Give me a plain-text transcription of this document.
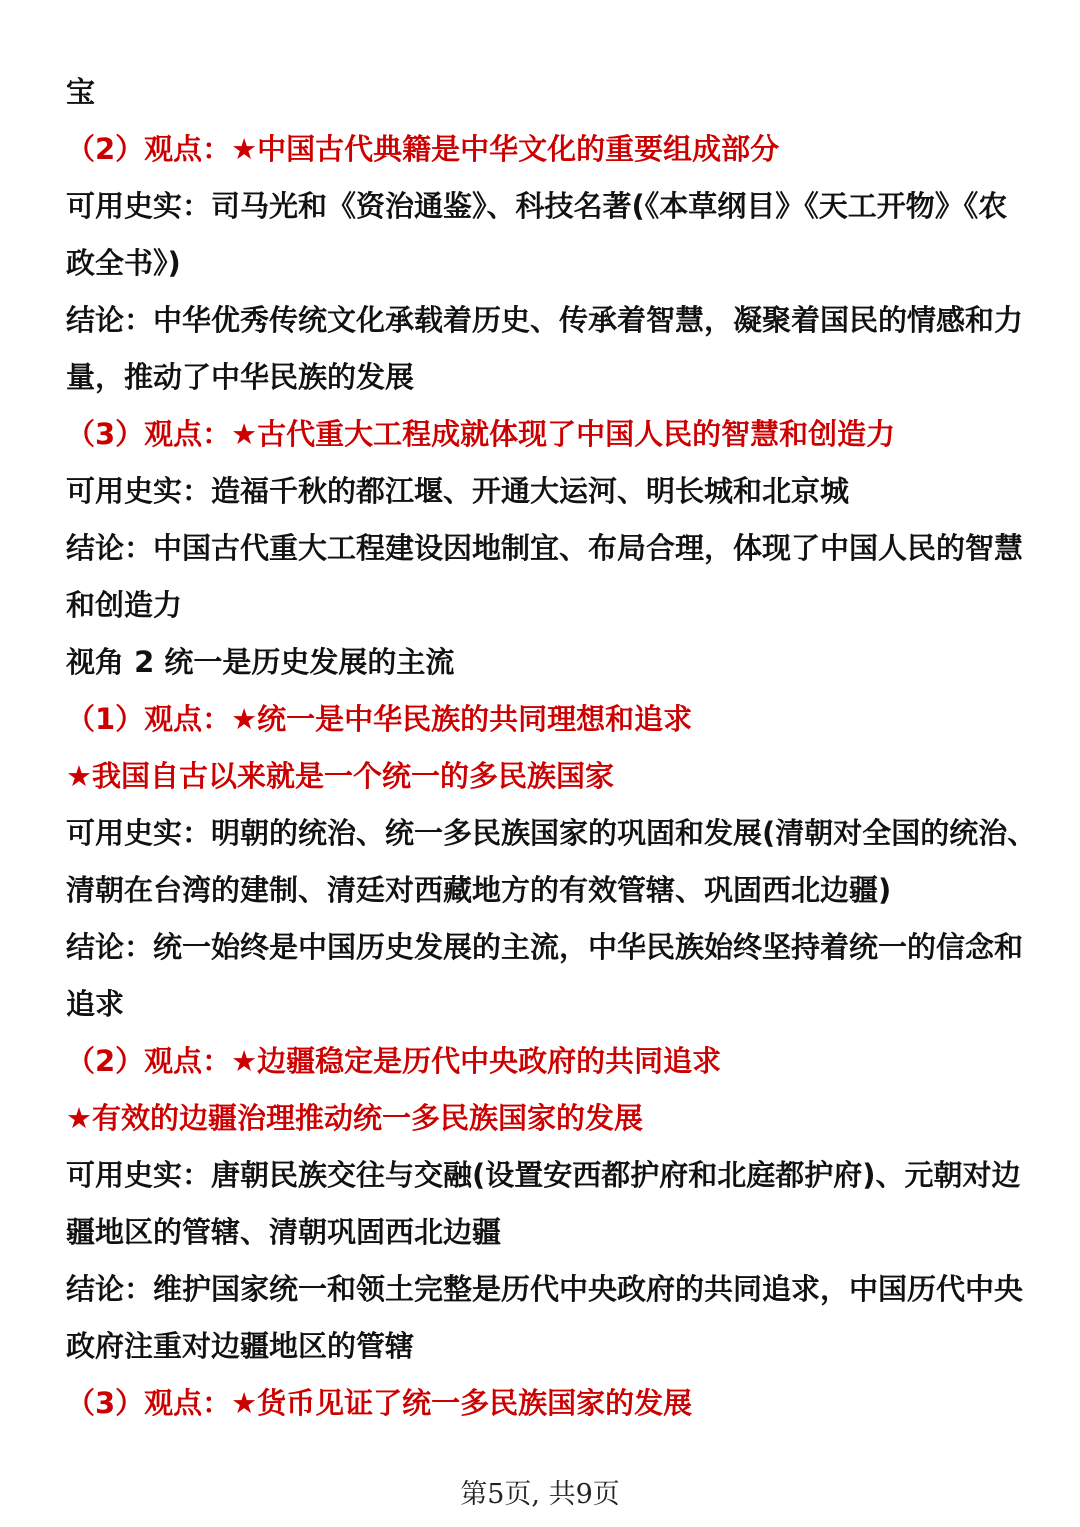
宝
（2）观点：★中国古代典籍是中华文化的重要组成部分
可用史实：司马光和《资治通鉴》、科技名著(《本草纲目》《天工开物》《农
政全书》)
结论：中华优秀传统文化承载着历史、传承着智慧，凝聚着国民的情感和力
量，推动了中华民族的发展
（3）观点：★古代重大工程成就体现了中国人民的智慧和创造力
可用史实：造福千秋的都江堰、开通大运河、明长城和北京城
结论：中国古代重大工程建设因地制宜、布局合理，体现了中国人民的智慧
和创造力
视角 2 统一是历史发展的主流
（1）观点：★统一是中华民族的共同理想和追求
★我国自古以来就是一个统一的多民族国家
可用史实：明朝的统治、统一多民族国家的巩固和发展(清朝对全国的统治、
清朝在台湾的建制、清廷对西藏地方的有效管辖、巩固西北边疆)
结论：统一始终是中国历史发展的主流，中华民族始终坚持着统一的信念和
追求
（2）观点：★边疆稳定是历代中央政府的共同追求
★有效的边疆治理推动统一多民族国家的发展
可用史实：唐朝民族交往与交融(设置安西都护府和北庭都护府)、元朝对边
疆地区的管辖、清朝巩固西北边疆
结论：维护国家统一和领土完整是历代中央政府的共同追求，中国历代中央
政府注重对边疆地区的管辖
（3）观点：★货币见证了统一多民族国家的发展
第5页, 共9页
